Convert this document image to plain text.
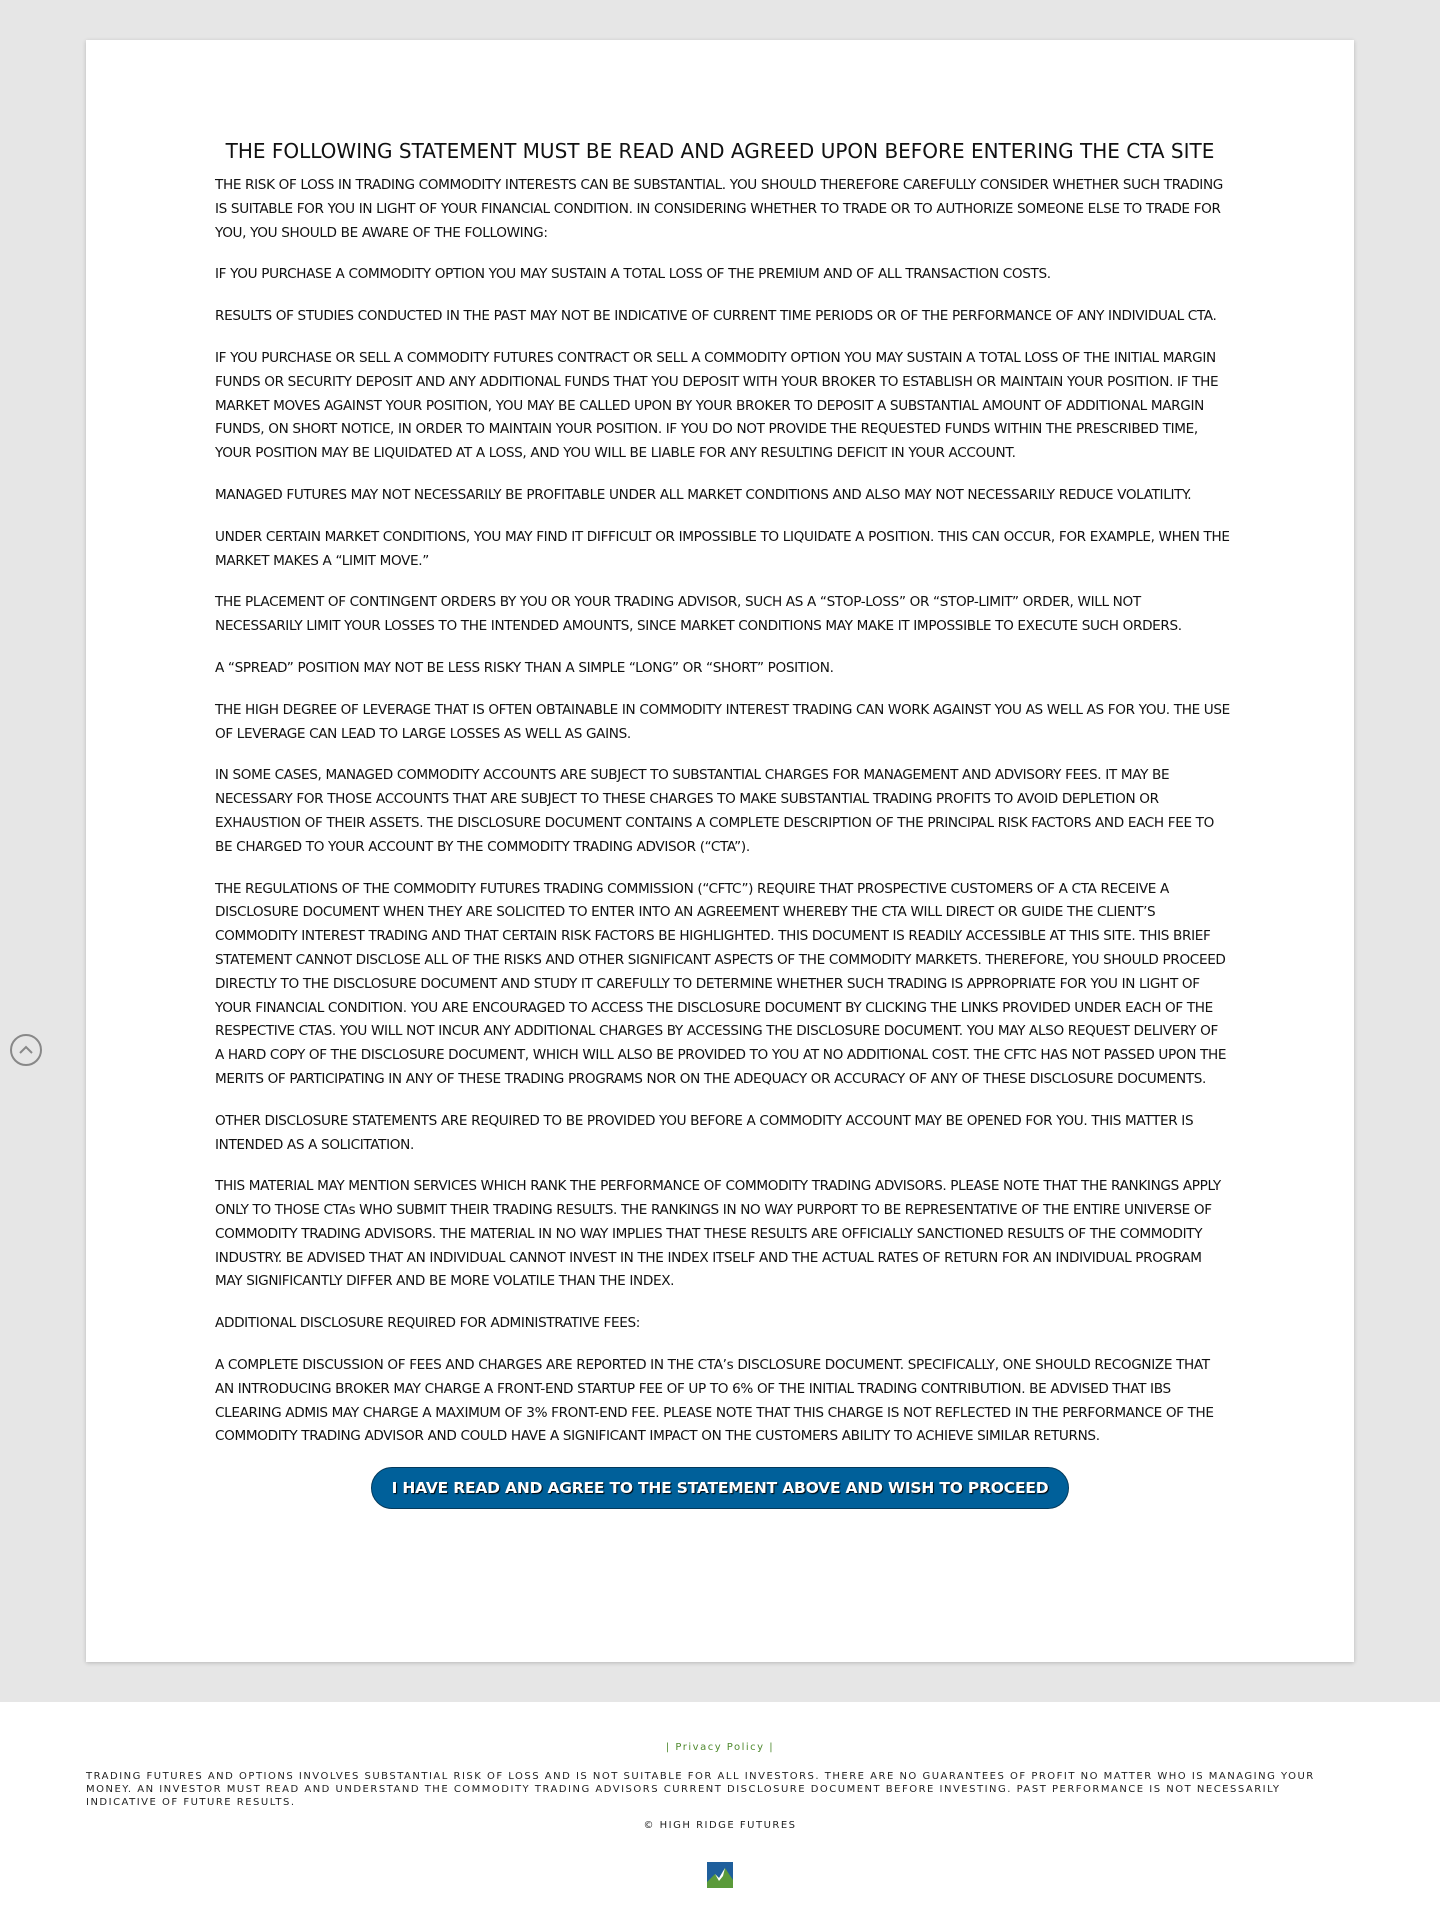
THE FOLLOWING STATEMENT MUST BE READ AND AGREED UPON BEFORE ENTERING THE CTA SITE

THE RISK OF LOSS IN TRADING COMMODITY INTERESTS CAN BE SUBSTANTIAL. YOU SHOULD THEREFORE CAREFULLY CONSIDER WHETHER SUCH TRADING IS SUITABLE FOR YOU IN LIGHT OF YOUR FINANCIAL CONDITION. IN CONSIDERING WHETHER TO TRADE OR TO AUTHORIZE SOMEONE ELSE TO TRADE FOR YOU, YOU SHOULD BE AWARE OF THE FOLLOWING:

IF YOU PURCHASE A COMMODITY OPTION YOU MAY SUSTAIN A TOTAL LOSS OF THE PREMIUM AND OF ALL TRANSACTION COSTS.

RESULTS OF STUDIES CONDUCTED IN THE PAST MAY NOT BE INDICATIVE OF CURRENT TIME PERIODS OR OF THE PERFORMANCE OF ANY INDIVIDUAL CTA.

IF YOU PURCHASE OR SELL A COMMODITY FUTURES CONTRACT OR SELL A COMMODITY OPTION YOU MAY SUSTAIN A TOTAL LOSS OF THE INITIAL MARGIN FUNDS OR SECURITY DEPOSIT AND ANY ADDITIONAL FUNDS THAT YOU DEPOSIT WITH YOUR BROKER TO ESTABLISH OR MAINTAIN YOUR POSITION. IF THE MARKET MOVES AGAINST YOUR POSITION, YOU MAY BE CALLED UPON BY YOUR BROKER TO DEPOSIT A SUBSTANTIAL AMOUNT OF ADDITIONAL MARGIN FUNDS, ON SHORT NOTICE, IN ORDER TO MAINTAIN YOUR POSITION. IF YOU DO NOT PROVIDE THE REQUESTED FUNDS WITHIN THE PRESCRIBED TIME, YOUR POSITION MAY BE LIQUIDATED AT A LOSS, AND YOU WILL BE LIABLE FOR ANY RESULTING DEFICIT IN YOUR ACCOUNT.

MANAGED FUTURES MAY NOT NECESSARILY BE PROFITABLE UNDER ALL MARKET CONDITIONS AND ALSO MAY NOT NECESSARILY REDUCE VOLATILITY.

UNDER CERTAIN MARKET CONDITIONS, YOU MAY FIND IT DIFFICULT OR IMPOSSIBLE TO LIQUIDATE A POSITION. THIS CAN OCCUR, FOR EXAMPLE, WHEN THE MARKET MAKES A “LIMIT MOVE.”

THE PLACEMENT OF CONTINGENT ORDERS BY YOU OR YOUR TRADING ADVISOR, SUCH AS A “STOP-LOSS” OR “STOP-LIMIT” ORDER, WILL NOT NECESSARILY LIMIT YOUR LOSSES TO THE INTENDED AMOUNTS, SINCE MARKET CONDITIONS MAY MAKE IT IMPOSSIBLE TO EXECUTE SUCH ORDERS.

A “SPREAD” POSITION MAY NOT BE LESS RISKY THAN A SIMPLE “LONG” OR “SHORT” POSITION.

THE HIGH DEGREE OF LEVERAGE THAT IS OFTEN OBTAINABLE IN COMMODITY INTEREST TRADING CAN WORK AGAINST YOU AS WELL AS FOR YOU. THE USE OF LEVERAGE CAN LEAD TO LARGE LOSSES AS WELL AS GAINS.

IN SOME CASES, MANAGED COMMODITY ACCOUNTS ARE SUBJECT TO SUBSTANTIAL CHARGES FOR MANAGEMENT AND ADVISORY FEES. IT MAY BE NECESSARY FOR THOSE ACCOUNTS THAT ARE SUBJECT TO THESE CHARGES TO MAKE SUBSTANTIAL TRADING PROFITS TO AVOID DEPLETION OR EXHAUSTION OF THEIR ASSETS. THE DISCLOSURE DOCUMENT CONTAINS A COMPLETE DESCRIPTION OF THE PRINCIPAL RISK FACTORS AND EACH FEE TO BE CHARGED TO YOUR ACCOUNT BY THE COMMODITY TRADING ADVISOR (“CTA”).

THE REGULATIONS OF THE COMMODITY FUTURES TRADING COMMISSION (“CFTC”) REQUIRE THAT PROSPECTIVE CUSTOMERS OF A CTA RECEIVE A DISCLOSURE DOCUMENT WHEN THEY ARE SOLICITED TO ENTER INTO AN AGREEMENT WHEREBY THE CTA WILL DIRECT OR GUIDE THE CLIENT’S COMMODITY INTEREST TRADING AND THAT CERTAIN RISK FACTORS BE HIGHLIGHTED. THIS DOCUMENT IS READILY ACCESSIBLE AT THIS SITE. THIS BRIEF STATEMENT CANNOT DISCLOSE ALL OF THE RISKS AND OTHER SIGNIFICANT ASPECTS OF THE COMMODITY MARKETS. THEREFORE, YOU SHOULD PROCEED DIRECTLY TO THE DISCLOSURE DOCUMENT AND STUDY IT CAREFULLY TO DETERMINE WHETHER SUCH TRADING IS APPROPRIATE FOR YOU IN LIGHT OF YOUR FINANCIAL CONDITION. YOU ARE ENCOURAGED TO ACCESS THE DISCLOSURE DOCUMENT BY CLICKING THE LINKS PROVIDED UNDER EACH OF THE RESPECTIVE CTAS. YOU WILL NOT INCUR ANY ADDITIONAL CHARGES BY ACCESSING THE DISCLOSURE DOCUMENT. YOU MAY ALSO REQUEST DELIVERY OF A HARD COPY OF THE DISCLOSURE DOCUMENT, WHICH WILL ALSO BE PROVIDED TO YOU AT NO ADDITIONAL COST. THE CFTC HAS NOT PASSED UPON THE MERITS OF PARTICIPATING IN ANY OF THESE TRADING PROGRAMS NOR ON THE ADEQUACY OR ACCURACY OF ANY OF THESE DISCLOSURE DOCUMENTS.

OTHER DISCLOSURE STATEMENTS ARE REQUIRED TO BE PROVIDED YOU BEFORE A COMMODITY ACCOUNT MAY BE OPENED FOR YOU. THIS MATTER IS INTENDED AS A SOLICITATION.

THIS MATERIAL MAY MENTION SERVICES WHICH RANK THE PERFORMANCE OF COMMODITY TRADING ADVISORS. PLEASE NOTE THAT THE RANKINGS APPLY ONLY TO THOSE CTAs WHO SUBMIT THEIR TRADING RESULTS. THE RANKINGS IN NO WAY PURPORT TO BE REPRESENTATIVE OF THE ENTIRE UNIVERSE OF COMMODITY TRADING ADVISORS. THE MATERIAL IN NO WAY IMPLIES THAT THESE RESULTS ARE OFFICIALLY SANCTIONED RESULTS OF THE COMMODITY INDUSTRY. BE ADVISED THAT AN INDIVIDUAL CANNOT INVEST IN THE INDEX ITSELF AND THE ACTUAL RATES OF RETURN FOR AN INDIVIDUAL PROGRAM MAY SIGNIFICANTLY DIFFER AND BE MORE VOLATILE THAN THE INDEX.

ADDITIONAL DISCLOSURE REQUIRED FOR ADMINISTRATIVE FEES:

A COMPLETE DISCUSSION OF FEES AND CHARGES ARE REPORTED IN THE CTA’s DISCLOSURE DOCUMENT. SPECIFICALLY, ONE SHOULD RECOGNIZE THAT AN INTRODUCING BROKER MAY CHARGE A FRONT-END STARTUP FEE OF UP TO 6% OF THE INITIAL TRADING CONTRIBUTION. BE ADVISED THAT IBS CLEARING ADMIS MAY CHARGE A MAXIMUM OF 3% FRONT-END FEE. PLEASE NOTE THAT THIS CHARGE IS NOT REFLECTED IN THE PERFORMANCE OF THE COMMODITY TRADING ADVISOR AND COULD HAVE A SIGNIFICANT IMPACT ON THE CUSTOMERS ABILITY TO ACHIEVE SIMILAR RETURNS.

I HAVE READ AND AGREE TO THE STATEMENT ABOVE AND WISH TO PROCEED
| Privacy Policy |
TRADING FUTURES AND OPTIONS INVOLVES SUBSTANTIAL RISK OF LOSS AND IS NOT SUITABLE FOR ALL INVESTORS. THERE ARE NO GUARANTEES OF PROFIT NO MATTER WHO IS MANAGING YOUR MONEY. AN INVESTOR MUST READ AND UNDERSTAND THE COMMODITY TRADING ADVISORS CURRENT DISCLOSURE DOCUMENT BEFORE INVESTING. PAST PERFORMANCE IS NOT NECESSARILY INDICATIVE OF FUTURE RESULTS.
© HIGH RIDGE FUTURES
